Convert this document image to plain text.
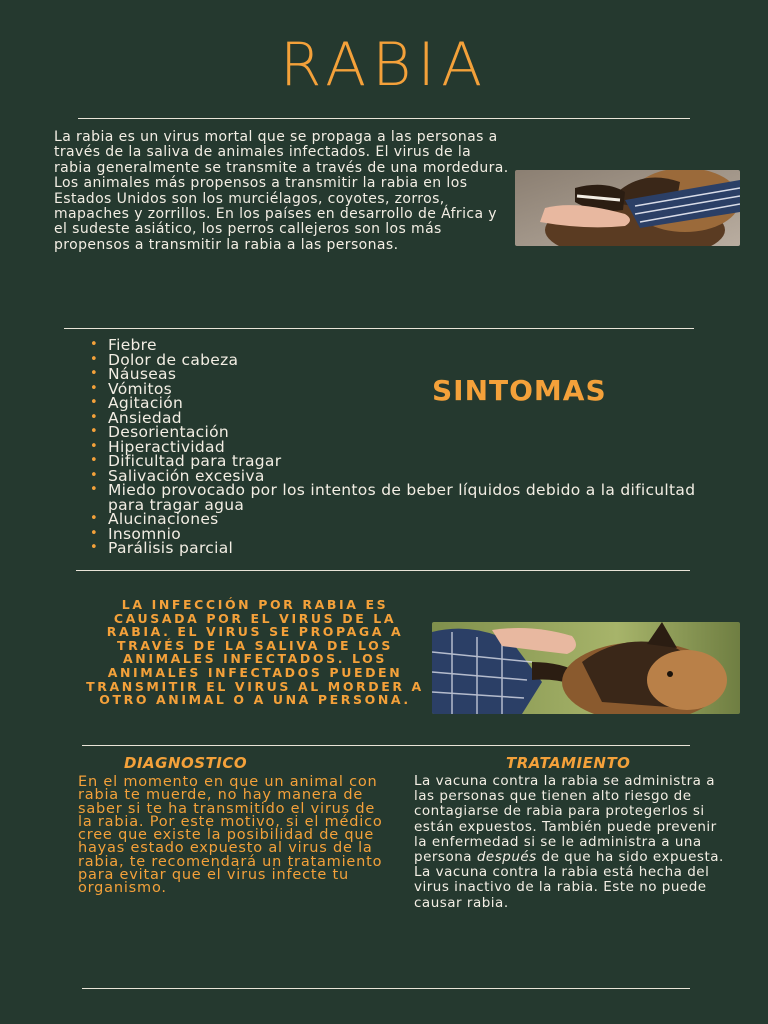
RABIA
La rabia es un virus mortal que se propaga a las personas a través de la saliva de animales infectados. El virus de la rabia generalmente se transmite a través de una mordedura.
Los animales más propensos a transmitir la rabia en los Estados Unidos son los murciélagos, coyotes, zorros, mapaches y zorrillos. En los países en desarrollo de África y el sudeste asiático, los perros callejeros son los más propensos a transmitir la rabia a las personas.
• Fiebre
• Dolor de cabeza
• Náuseas
• Vómitos
• Agitación
• Ansiedad
• Desorientación
• Hiperactividad
• Dificultad para tragar
• Salivación excesiva
• Miedo provocado por los intentos de beber líquidos debido a la dificultad para tragar agua
• Alucinaciones
• Insomnio
• Parálisis parcial
SINTOMAS
LA INFECCIÓN POR RABIA ES CAUSADA POR EL VIRUS DE LA RABIA. EL VIRUS SE PROPAGA A TRAVÉS DE LA SALIVA DE LOS ANIMALES INFECTADOS. LOS ANIMALES INFECTADOS PUEDEN TRANSMITIR EL VIRUS AL MORDER A OTRO ANIMAL O A UNA PERSONA.
DIAGNOSTICO	TRATAMIENTO
En el momento en que un animal con rabia te muerde, no hay manera de saber si te ha transmitido el virus de la rabia. Por este motivo, si el médico cree que existe la posibilidad de que hayas estado expuesto al virus de la rabia, te recomendará un tratamiento para evitar que el virus infecte tu organismo.
La vacuna contra la rabia se administra a las personas que tienen alto riesgo de contagiarse de rabia para protegerlos si están expuestos. También puede prevenir la enfermedad si se le administra a una persona después de que ha sido expuesta.
La vacuna contra la rabia está hecha del virus inactivo de la rabia. Este no puede causar rabia.
